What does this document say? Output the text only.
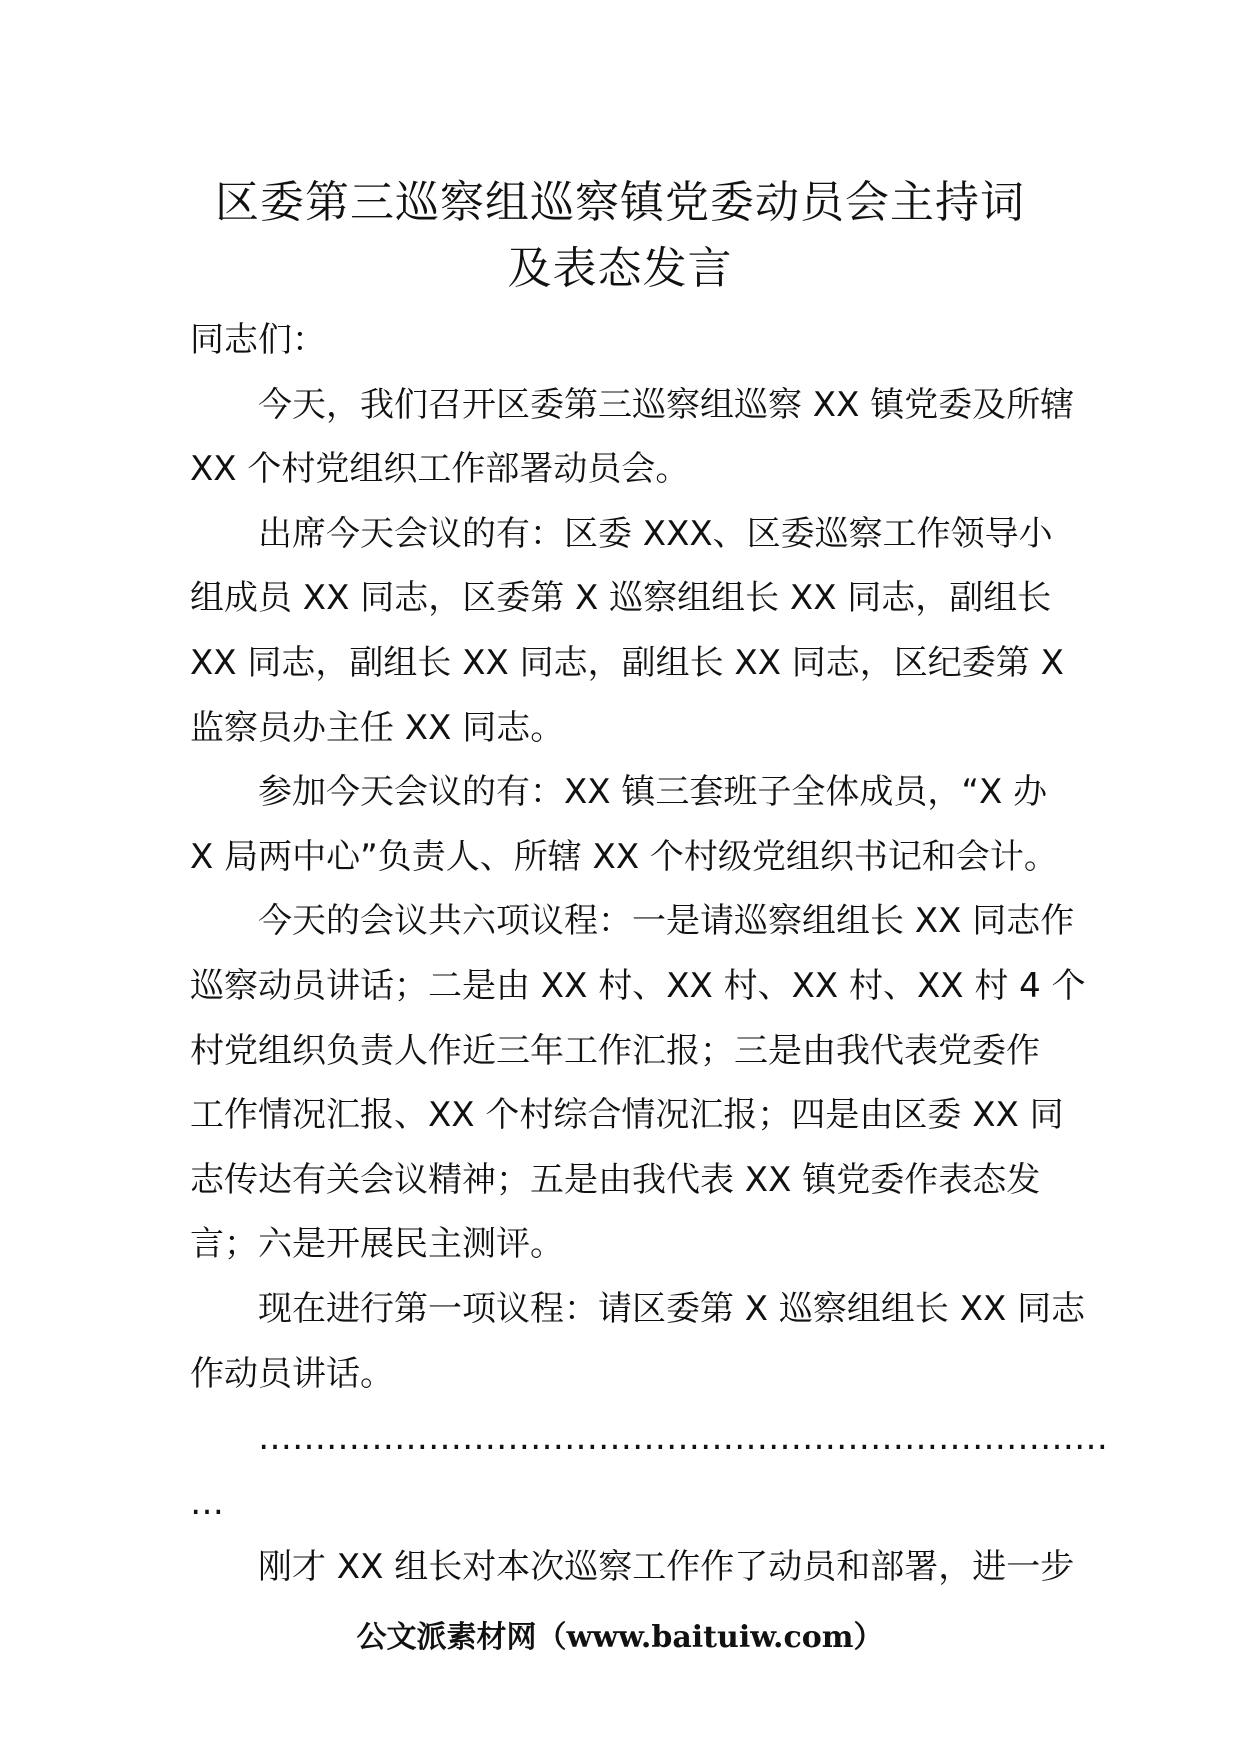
区委第三巡察组巡察镇党委动员会主持词
及表态发言

同志们：

今天，我们召开区委第三巡察组巡察 XX 镇党委及所辖

XX 个村党组织工作部署动员会。

出席今天会议的有：区委 XXX、区委巡察工作领导小

组成员 XX 同志，区委第 X 巡察组组长 XX 同志，副组长

XX 同志，副组长 XX 同志，副组长 XX 同志，区纪委第 X

监察员办主任 XX 同志。

参加今天会议的有：XX 镇三套班子全体成员，“X 办

X 局两中心”负责人、所辖 XX 个村级党组织书记和会计。

今天的会议共六项议程：一是请巡察组组长 XX 同志作

巡察动员讲话；二是由 XX 村、XX 村、XX 村、XX 村 4 个

村党组织负责人作近三年工作汇报；三是由我代表党委作

工作情况汇报、XX 个村综合情况汇报；四是由区委 XX 同

志传达有关会议精神；五是由我代表 XX 镇党委作表态发

言；六是开展民主测评。

现在进行第一项议程：请区委第 X 巡察组组长 XX 同志

作动员讲话。

…………………………………………………………………

…

刚才 XX 组长对本次巡察工作作了动员和部署，进一步

公文派素材网（www.baituiw.com）
